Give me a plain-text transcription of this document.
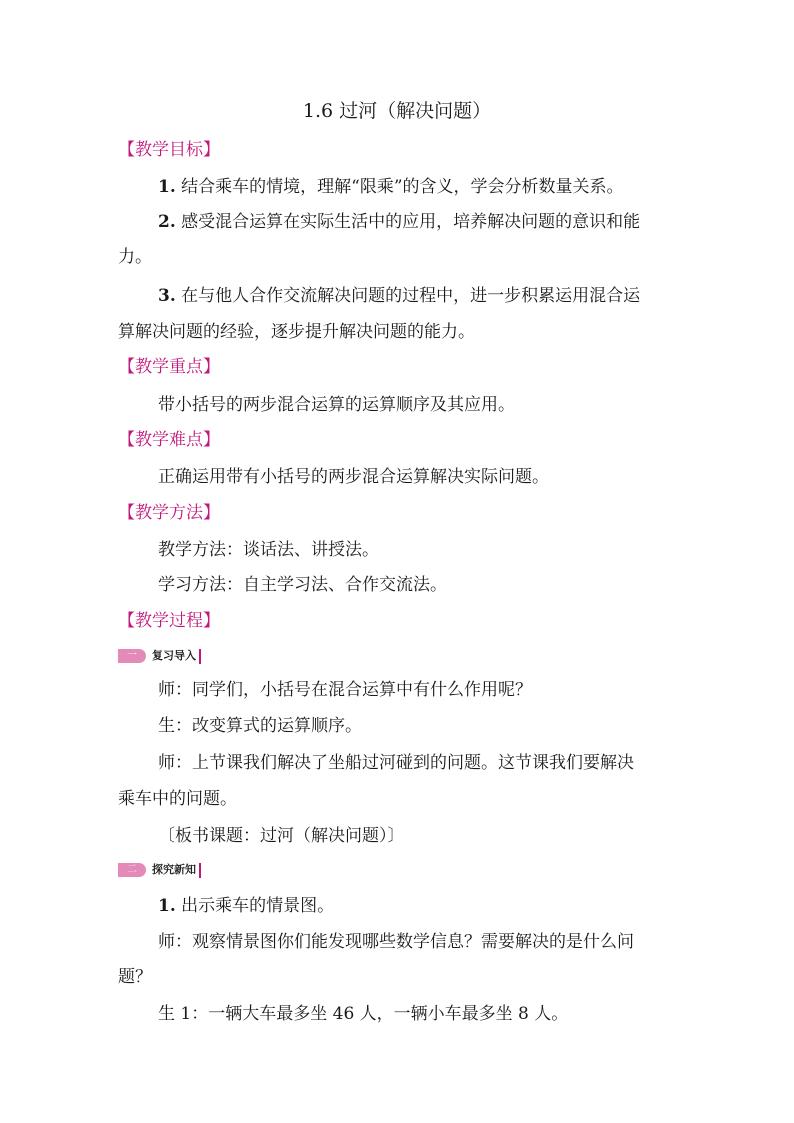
1.6 过河（解决问题）
【教学目标】
1. 结合乘车的情境，理解“限乘”的含义，学会分析数量关系。
2. 感受混合运算在实际生活中的应用，培养解决问题的意识和能
力。
3. 在与他人合作交流解决问题的过程中，进一步积累运用混合运
算解决问题的经验，逐步提升解决问题的能力。
【教学重点】
带小括号的两步混合运算的运算顺序及其应用。
【教学难点】
正确运用带有小括号的两步混合运算解决实际问题。
【教学方法】
教学方法：谈话法、讲授法。
学习方法：自主学习法、合作交流法。
【教学过程】
一	复习导入
师：同学们，小括号在混合运算中有什么作用呢？
生：改变算式的运算顺序。
师：上节课我们解决了坐船过河碰到的问题。这节课我们要解决
乘车中的问题。
〔板书课题：过河（解决问题）〕
二	探究新知
1. 出示乘车的情景图。
师：观察情景图你们能发现哪些数学信息？需要解决的是什么问
题？
生 1：一辆大车最多坐 46 人，一辆小车最多坐 8 人。
